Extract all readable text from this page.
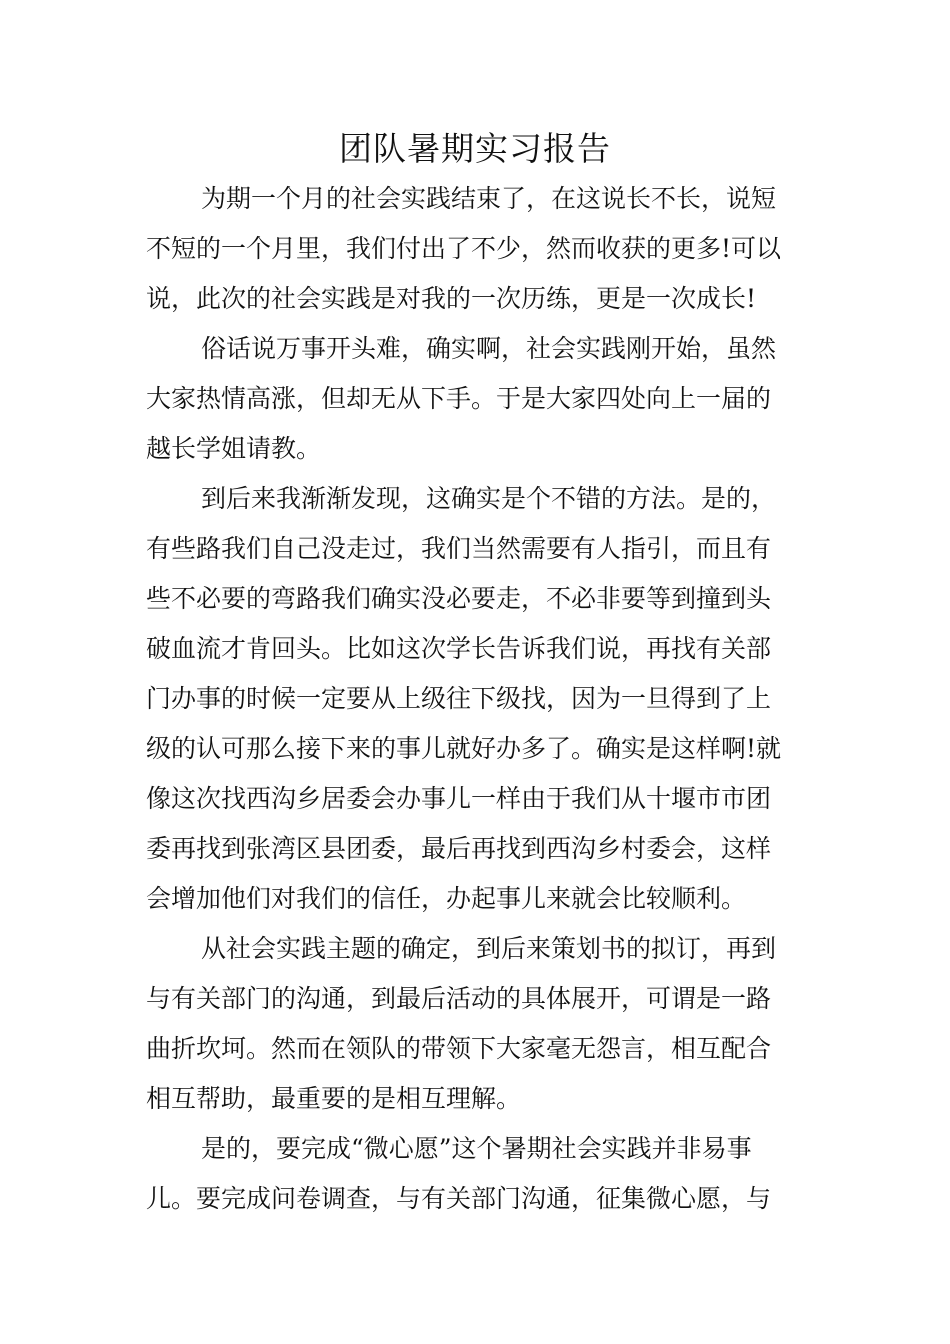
团队暑期实习报告
为期一个月的社会实践结束了，在这说长不长，说短
不短的一个月里，我们付出了不少，然而收获的更多!可以
说，此次的社会实践是对我的一次历练，更是一次成长!
俗话说万事开头难，确实啊，社会实践刚开始，虽然
大家热情高涨，但却无从下手。于是大家四处向上一届的
越长学姐请教。
到后来我渐渐发现，这确实是个不错的方法。是的，
有些路我们自己没走过，我们当然需要有人指引，而且有
些不必要的弯路我们确实没必要走，不必非要等到撞到头
破血流才肯回头。比如这次学长告诉我们说，再找有关部
门办事的时候一定要从上级往下级找，因为一旦得到了上
级的认可那么接下来的事儿就好办多了。确实是这样啊!就
像这次找西沟乡居委会办事儿一样由于我们从十堰市市团
委再找到张湾区县团委，最后再找到西沟乡村委会，这样
会增加他们对我们的信任，办起事儿来就会比较顺利。
从社会实践主题的确定，到后来策划书的拟订，再到
与有关部门的沟通，到最后活动的具体展开，可谓是一路
曲折坎坷。然而在领队的带领下大家毫无怨言，相互配合
相互帮助，最重要的是相互理解。
是的，要完成“微心愿”这个暑期社会实践并非易事
儿。要完成问卷调查，与有关部门沟通，征集微心愿，与
